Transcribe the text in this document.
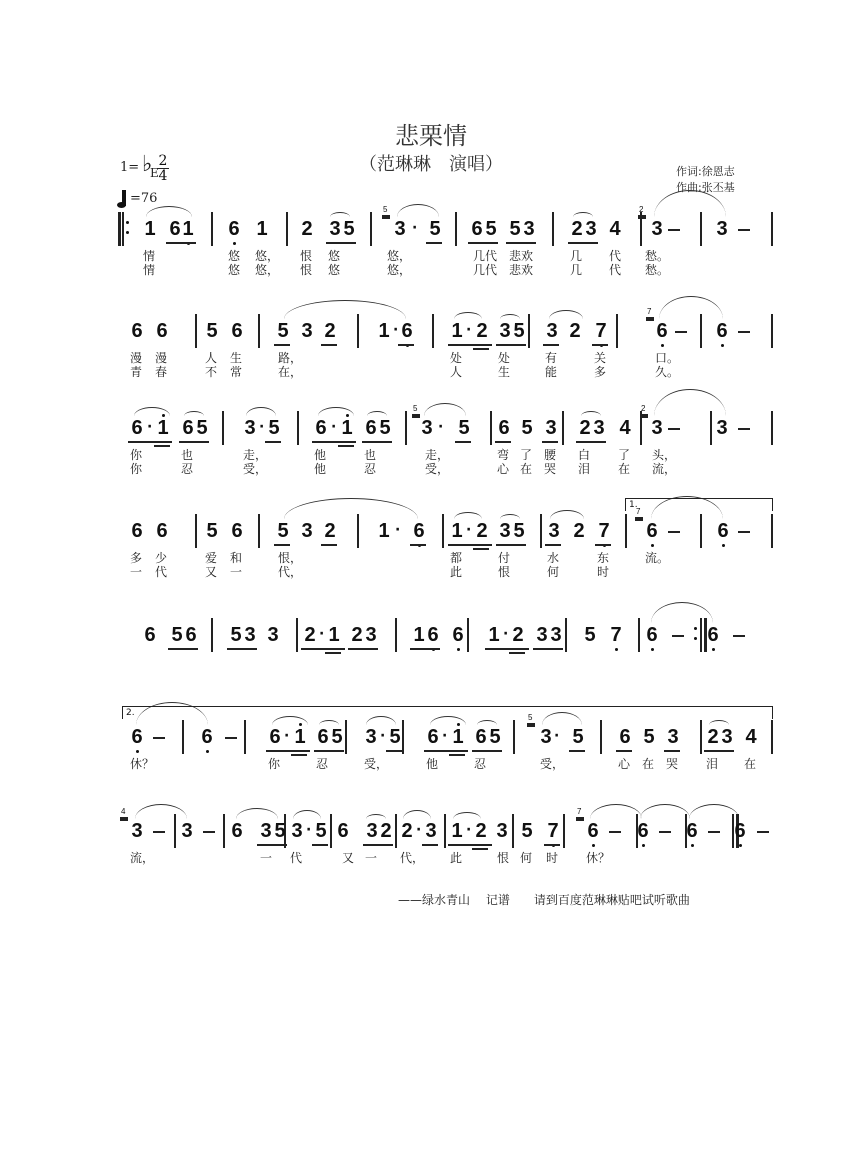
悲栗情
（范琳琳　演唱）	作词:徐恩志
作曲:张丕基
1= ♭
E
2
4
=76
1 6 1 6 1 2 3 5 3 5 6 5 5 3 2 3 4 3	3
·
5	2
情	悠 悠， 恨 悠	悠，	几代 悲欢	几 代 愁。
情	悠 悠， 恨 悠	悠，	几代 悲欢	几 代 愁。
6 6 5 6 5 3 2 1 6 1 2 3 5 3 2 7 6 6
·	·
7
漫 漫	人 生	路，	处	处	有	关	口。
青 春	不 常	在，	人	生	能	多	久。
6 1 6 5 3 5 6 1 6 5 3 5 6 5 3 2 3 4 3	3
·	·	·	·
5	2
你	也	走，	他	也	走，	弯 了 腰 白 了 头，
你	忍	受，	他	忍	受，	心 在 哭 泪 在 流，
6 6 5 6 5 3 2 1 6 1 2 3 5 3 2 7 6	6
·	·
7
1.
多 少	爱 和	恨，	都	付	水	东	流。
一 代	又 一	代，	此	恨	何	时
6 5 6 5 3 3 2 1 2 3 1 6 6 1 2 3 3 5 7 6 6
·	·
6	6	6 1 6 5 3 5 6 1 6 5 3 5 6 5 3 2 3 4
·	·	·	·
5
2.
休？	你	忍	受，	他	忍	受，	心 在 哭 泪 在
3 3 6 3 5 3 5 6 3 2 2 3 1 2 3 5 7 6 6 6 6
·	·	·
4	7
流，	一 代	又 一 代， 此	恨 何 时 休？
——绿水青山　 记谱　　请到百度范琳琳贴吧试听歌曲
